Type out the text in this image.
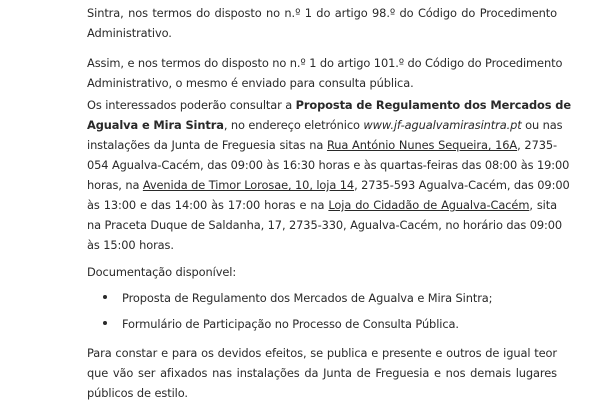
Sintra, nos termos do disposto no n.º 1 do artigo 98.º do Código do Procedimento
Administrativo.
Assim, e nos termos do disposto no n.º 1 do artigo 101.º do Código do Procedimento
Administrativo, o mesmo é enviado para consulta pública.
Os interessados poderão consultar a Proposta de Regulamento dos Mercados de
Agualva e Mira Sintra, no endereço eletrónico www.jf-agualvamirasintra.pt ou nas
instalações da Junta de Freguesia sitas na Rua António Nunes Sequeira, 16A, 2735-
054 Agualva-Cacém, das 09:00 às 16:30 horas e às quartas-feiras das 08:00 às 19:00
horas, na Avenida de Timor Lorosae, 10, loja 14, 2735-593 Agualva-Cacém, das 09:00
às 13:00 e das 14:00 às 17:00 horas e na Loja do Cidadão de Agualva-Cacém, sita
na Praceta Duque de Saldanha, 17, 2735-330, Agualva-Cacém, no horário das 09:00
às 15:00 horas.
Documentação disponível:
Proposta de Regulamento dos Mercados de Agualva e Mira Sintra;
Formulário de Participação no Processo de Consulta Pública.
Para constar e para os devidos efeitos, se publica e presente e outros de igual teor
que vão ser afixados nas instalações da Junta de Freguesia e nos demais lugares
públicos de estilo.
